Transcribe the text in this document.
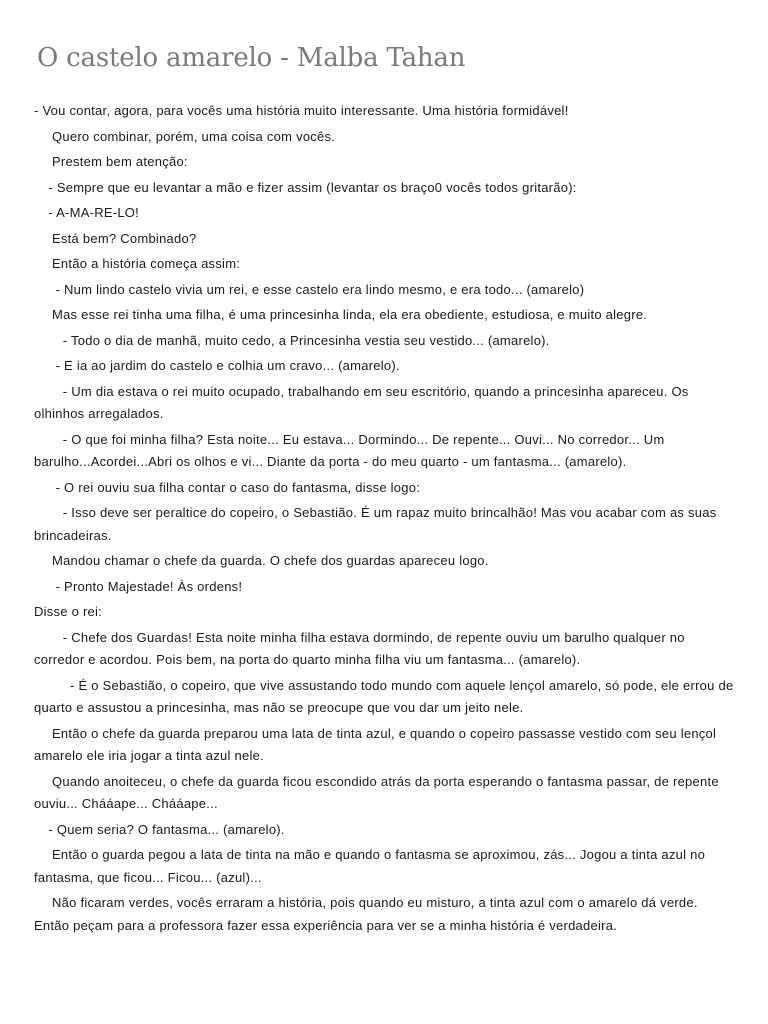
O castelo amarelo - Malba Tahan

- Vou contar, agora, para vocês uma história muito interessante. Uma história formidável!

Quero combinar, porém, uma coisa com vocês.

Prestem bem atenção:

- Sempre que eu levantar a mão e fizer assim (levantar os braço0 vocês todos gritarão):

- A-MA-RE-LO!

Está bem? Combinado?

Então a história começa assim:

- Num lindo castelo vivia um rei, e esse castelo era lindo mesmo, e era todo... (amarelo)

Mas esse rei tinha uma filha, é uma princesinha linda, ela era obediente, estudiosa, e muito alegre.

- Todo o dia de manhã, muito cedo, a Princesinha vestia seu vestido... (amarelo).

- E ia ao jardim do castelo e colhia um cravo... (amarelo).

- Um dia estava o rei muito ocupado, trabalhando em seu escritório, quando a princesinha apareceu. Os olhinhos arregalados.

- O que foi minha filha? Esta noite... Eu estava... Dormindo... De repente... Ouvi... No corredor... Um barulho...Acordei...Abri os olhos e vi... Diante da porta - do meu quarto - um fantasma... (amarelo).

- O rei ouviu sua filha contar o caso do fantasma, disse logo:

- Isso deve ser peraltice do copeiro, o Sebastião. É um rapaz muito brincalhão! Mas vou acabar com as suas brincadeiras.

Mandou chamar o chefe da guarda. O chefe dos guardas apareceu logo.

- Pronto Majestade! Às ordens!

Disse o rei:

- Chefe dos Guardas! Esta noite minha filha estava dormindo, de repente ouviu um barulho qualquer no corredor e acordou. Pois bem, na porta do quarto minha filha viu um fantasma... (amarelo).

- É o Sebastião, o copeiro, que vive assustando todo mundo com aquele lençol amarelo, só pode, ele errou de quarto e assustou a princesinha, mas não se preocupe que vou dar um jeito nele.

Então o chefe da guarda preparou uma lata de tinta azul, e quando o copeiro passasse vestido com seu lençol amarelo ele iria jogar a tinta azul nele.

Quando anoiteceu, o chefe da guarda ficou escondido atrás da porta esperando o fantasma passar, de repente ouviu... Chááape... Chááape...

- Quem seria? O fantasma... (amarelo).

Então o guarda pegou a lata de tinta na mão e quando o fantasma se aproximou, zás... Jogou a tinta azul no fantasma, que ficou... Ficou... (azul)...

Não ficaram verdes, vocês erraram a história, pois quando eu misturo, a tinta azul com o amarelo dá verde. Então peçam para a professora fazer essa experiência para ver se a minha história é verdadeira.
